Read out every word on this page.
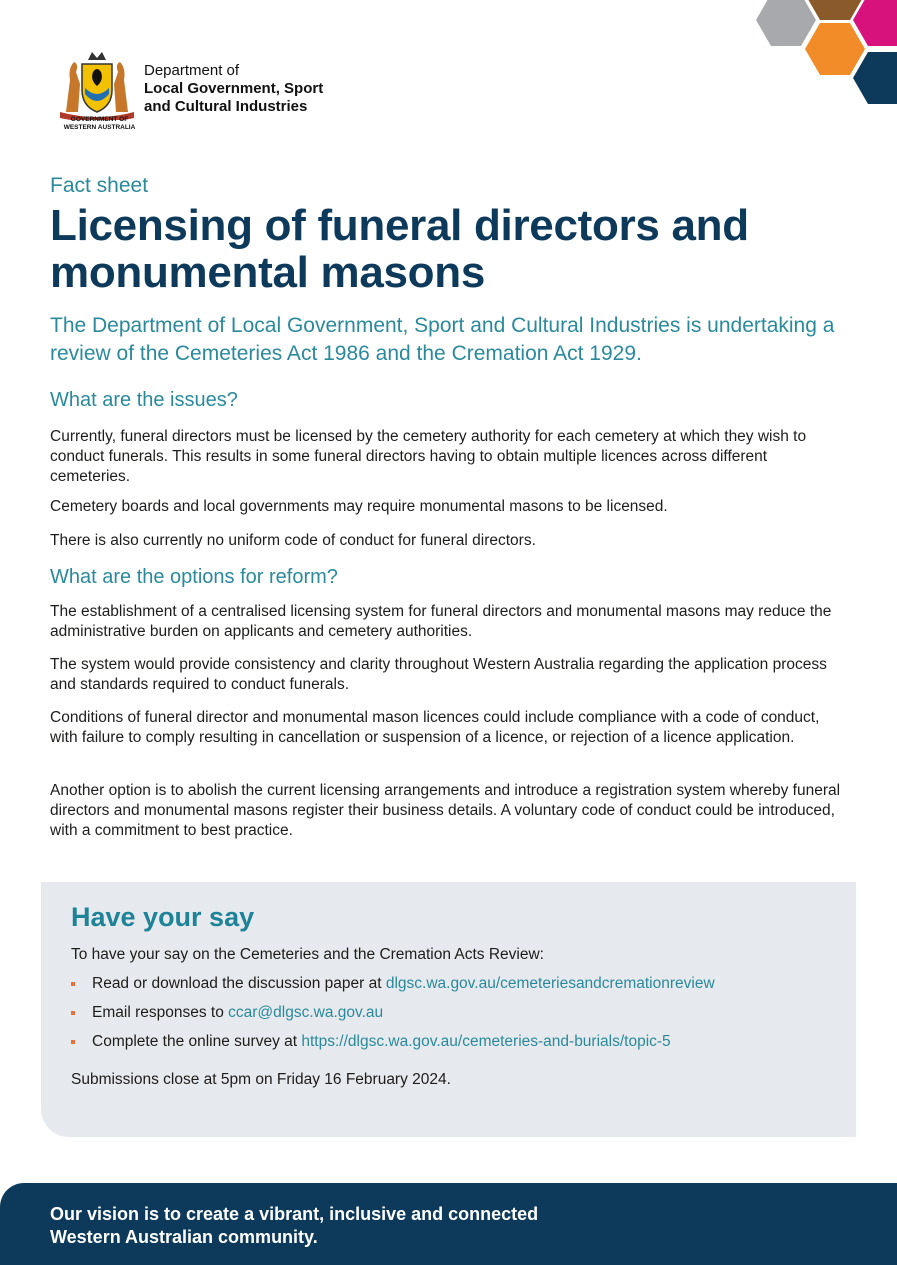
GOVERNMENT OF
WESTERN AUSTRALIA
Department of
Local Government, Sport
and Cultural Industries
Fact sheet
Licensing of funeral directors and monumental masons

The Department of Local Government, Sport and Cultural Industries is undertaking a review of the Cemeteries Act 1986 and the Cremation Act 1929.

What are the issues?

Currently, funeral directors must be licensed by the cemetery authority for each cemetery at which they wish to conduct funerals. This results in some funeral directors having to obtain multiple licences across different cemeteries.

Cemetery boards and local governments may require monumental masons to be licensed.

There is also currently no uniform code of conduct for funeral directors.

What are the options for reform?

The establishment of a centralised licensing system for funeral directors and monumental masons may reduce the administrative burden on applicants and cemetery authorities.

The system would provide consistency and clarity throughout Western Australia regarding the application process and standards required to conduct funerals.

Conditions of funeral director and monumental mason licences could include compliance with a code of conduct, with failure to comply resulting in cancellation or suspension of a licence, or rejection of a licence application.

Another option is to abolish the current licensing arrangements and introduce a registration system whereby funeral directors and monumental masons register their business details. A voluntary code of conduct could be introduced, with a commitment to best practice.

Have your say

To have your say on the Cemeteries and the Cremation Acts Review:

Read or download the discussion paper at dlgsc.wa.gov.au/cemeteriesandcremationreview
Email responses to ccar@dlgsc.wa.gov.au
Complete the online survey at https://dlgsc.wa.gov.au/cemeteries-and-burials/topic-5

Submissions close at 5pm on Friday 16 February 2024.

Our vision is to create a vibrant, inclusive and connected Western Australian community.
